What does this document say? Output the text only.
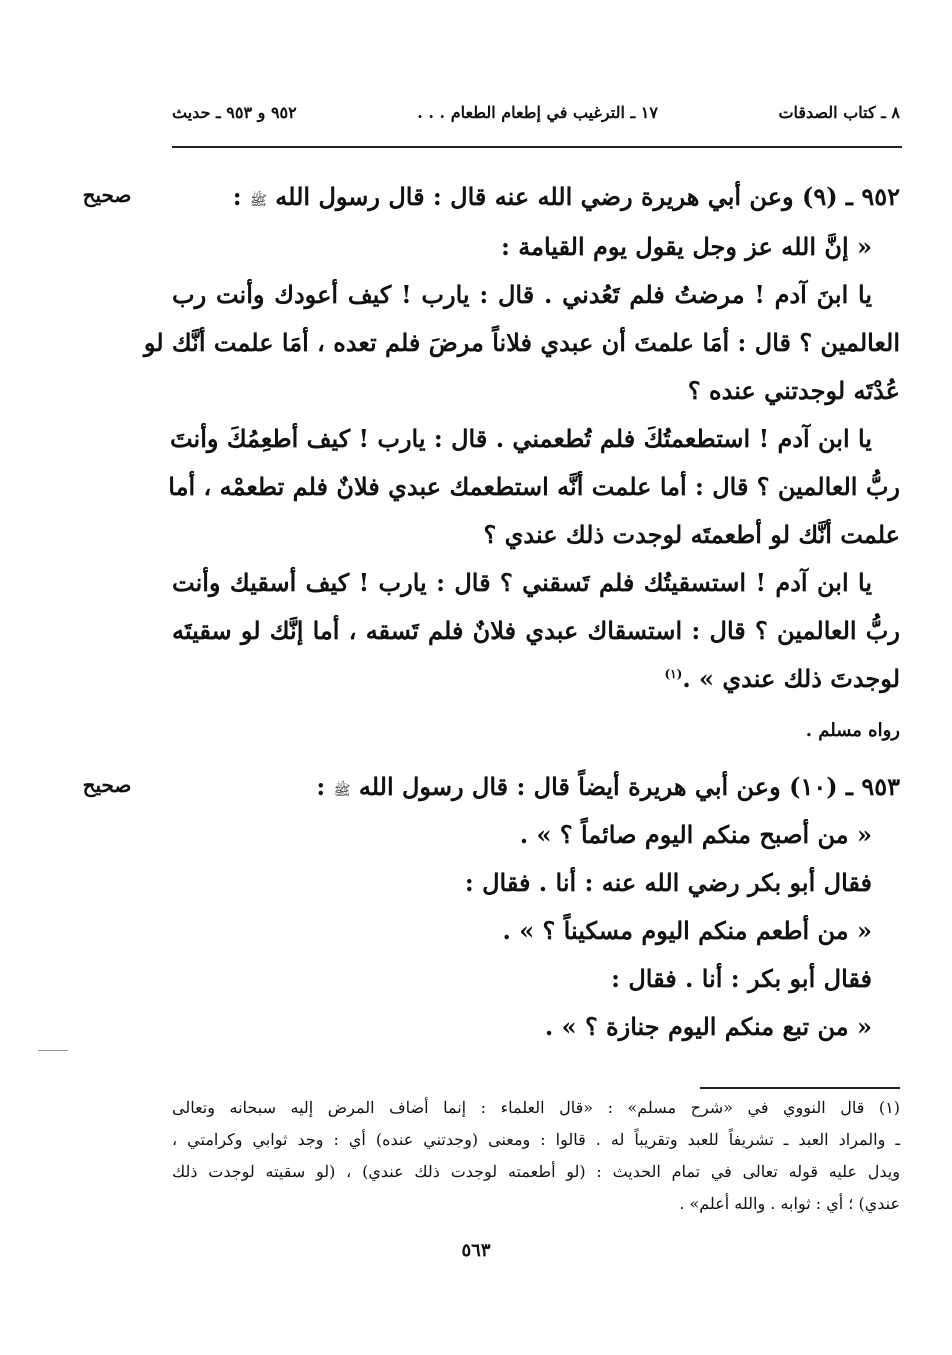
٨ ـ كتاب الصدقات
١٧ ـ الترغيب في إطعام الطعام . . .
٩٥٢ و ٩٥٣ ـ حديث
صحيح	٩٥٢ ـ (٩) وعن أبي هريرة رضي الله عنه قال : قال رسول الله ﷺ :
« إنَّ الله عز وجل يقول يوم القيامة :
يا ابنَ آدم ! مرضتُ فلم تَعُدني . قال : يارب ! كيف أعودك وأنت رب
العالمين ؟ قال : أمَا علمتَ أن عبدي فلاناً مرضَ فلم تعده ، أمَا علمت أنَّك لو
عُدْتَه لوجدتني عنده ؟
يا ابن آدم ! استطعمتُكَ فلم تُطعمني . قال : يارب ! كيف أطعِمُكَ وأنتَ
ربُّ العالمين ؟ قال : أما علمت أنَّه استطعمك عبدي فلانٌ فلم تطعمْه ، أما
علمت أنَّك لو أطعمتَه لوجدت ذلك عندي ؟
يا ابن آدم ! استسقيتُك فلم تَسقني ؟ قال : يارب ! كيف أسقيك وأنت
ربُّ العالمين ؟ قال : استسقاك عبدي فلانٌ فلم تَسقه ، أما إنَّك لو سقيتَه
لوجدتَ ذلك عندي » .$^{(١)}$
رواه مسلم .
صحيح	٩٥٣ ـ (١٠) وعن أبي هريرة أيضاً قال : قال رسول الله ﷺ :
« من أصبح منكم اليوم صائماً ؟ » .
فقال أبو بكر رضي الله عنه : أنا . فقال :
« من أطعم منكم اليوم مسكيناً ؟ » .
فقال أبو بكر : أنا . فقال :
« من تبع منكم اليوم جنازة ؟ » .
(١) قال النووي في «شرح مسلم» : «قال العلماء : إنما أضاف المرض إليه سبحانه وتعالى
ـ والمراد العبد ـ تشريفاً للعبد وتقريباً له . قالوا : ومعنى (وجدتني عنده) أي : وجد ثوابي وكرامتي ،
ويدل عليه قوله تعالى في تمام الحديث : (لو أطعمته لوجدت ذلك عندي) ، (لو سقيته لوجدت ذلك
عندي) ؛ أي : ثوابه . والله أعلم» .
٥٦٣
